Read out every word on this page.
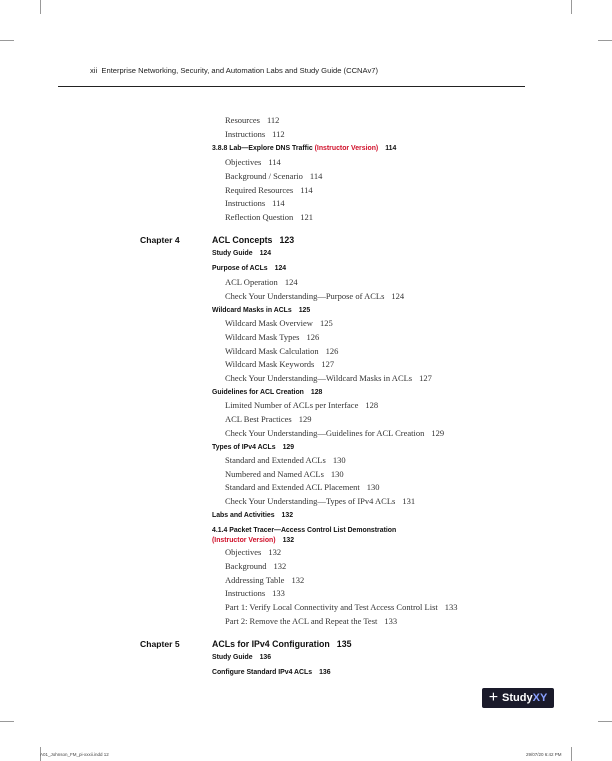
xii Enterprise Networking, Security, and Automation Labs and Study Guide (CCNAv7)
Resources 112
Instructions 112
3.8.8 Lab—Explore DNS Traffic (Instructor Version) 114
Objectives 114
Background / Scenario 114
Required Resources 114
Instructions 114
Reflection Question 121
Chapter 4	ACL Concepts 123
Study Guide 124
Purpose of ACLs 124
ACL Operation 124
Check Your Understanding—Purpose of ACLs 124
Wildcard Masks in ACLs 125
Wildcard Mask Overview 125
Wildcard Mask Types 126
Wildcard Mask Calculation 126
Wildcard Mask Keywords 127
Check Your Understanding—Wildcard Masks in ACLs 127
Guidelines for ACL Creation 128
Limited Number of ACLs per Interface 128
ACL Best Practices 129
Check Your Understanding—Guidelines for ACL Creation 129
Types of IPv4 ACLs 129
Standard and Extended ACLs 130
Numbered and Named ACLs 130
Standard and Extended ACL Placement 130
Check Your Understanding—Types of IPv4 ACLs 131
Labs and Activities 132
4.1.4 Packet Tracer—Access Control List Demonstration
(Instructor Version) 132
Objectives 132
Background 132
Addressing Table 132
Instructions 133
Part 1: Verify Local Connectivity and Test Access Control List 133
Part 2: Remove the ACL and Repeat the Test 133
Chapter 5	ACLs for IPv4 Configuration 135
Study Guide 136
Configure Standard IPv4 ACLs 136
+ Study XY
A01_Johnson_FM_pi-xxxii.indd 12	29/07/20 6:42 PM
